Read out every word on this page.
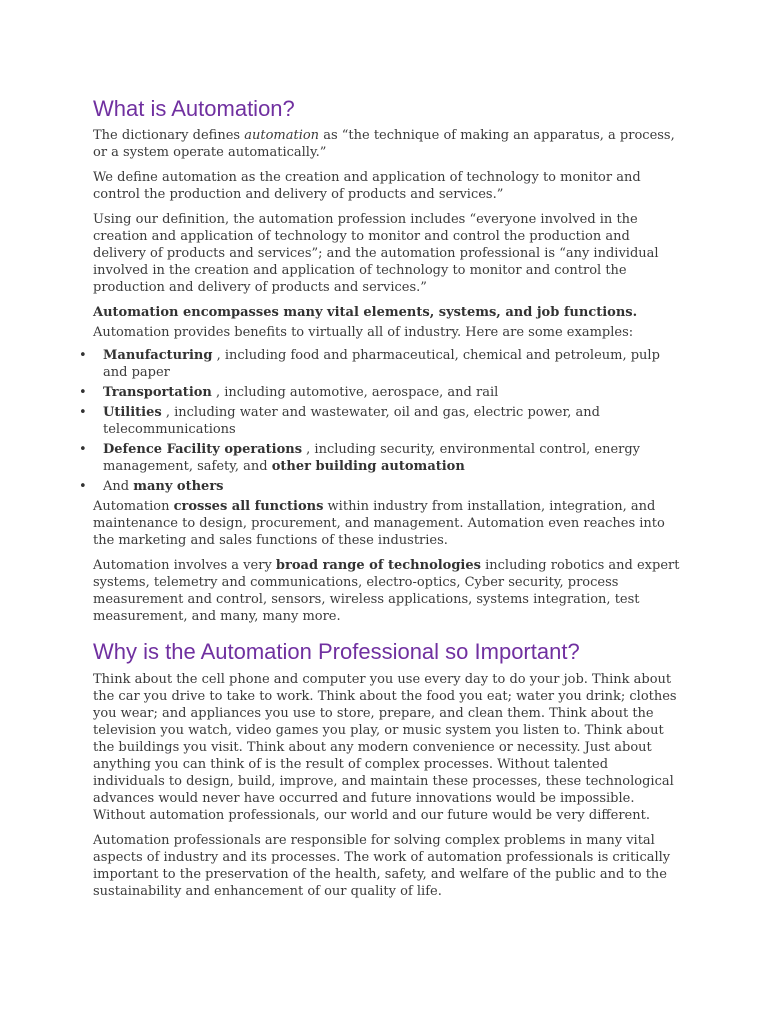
What is Automation?

The dictionary defines automation as “the technique of making an apparatus, a process, or a system operate automatically.”

We define automation as the creation and application of technology to monitor and control the production and delivery of products and services.”

Using our definition, the automation profession includes “everyone involved in the creation and application of technology to monitor and control the production and delivery of products and services”; and the automation professional is “any individual involved in the creation and application of technology to monitor and control the production and delivery of products and services.”

Automation encompasses many vital elements, systems, and job functions.

Automation provides benefits to virtually all of industry. Here are some examples:

• Manufacturing , including food and pharmaceutical, chemical and petroleum, pulp and paper
• Transportation , including automotive, aerospace, and rail
• Utilities , including water and wastewater, oil and gas, electric power, and telecommunications
• Defence Facility operations , including security, environmental control, energy management, safety, and other building automation
• And many others

Automation crosses all functions within industry from installation, integration, and maintenance to design, procurement, and management. Automation even reaches into the marketing and sales functions of these industries.

Automation involves a very broad range of technologies including robotics and expert systems, telemetry and communications, electro-optics, Cyber security, process measurement and control, sensors, wireless applications, systems integration, test measurement, and many, many more.

Why is the Automation Professional so Important?

Think about the cell phone and computer you use every day to do your job. Think about the car you drive to take to work. Think about the food you eat; water you drink; clothes you wear; and appliances you use to store, prepare, and clean them. Think about the television you watch, video games you play, or music system you listen to. Think about the buildings you visit. Think about any modern convenience or necessity. Just about anything you can think of is the result of complex processes. Without talented individuals to design, build, improve, and maintain these processes, these technological advances would never have occurred and future innovations would be impossible. Without automation professionals, our world and our future would be very different.

Automation professionals are responsible for solving complex problems in many vital aspects of industry and its processes. The work of automation professionals is critically important to the preservation of the health, safety, and welfare of the public and to the sustainability and enhancement of our quality of life.
